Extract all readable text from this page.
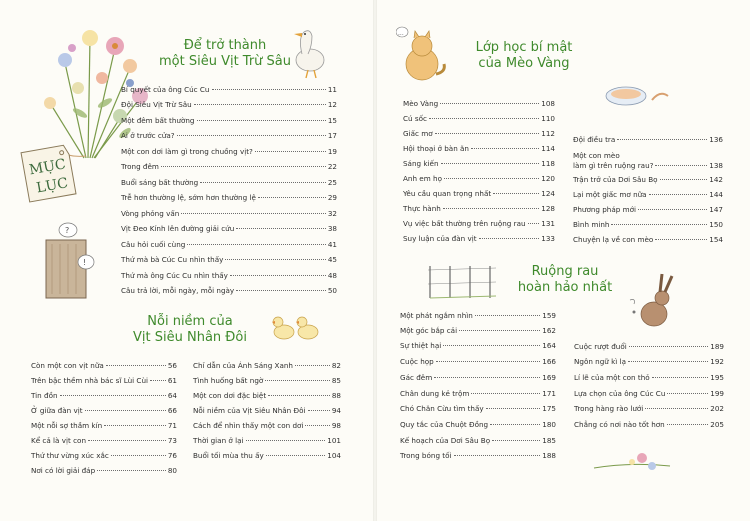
MỤC
LỤC
?
!
Để trở thành
một Siêu Vịt Trừ Sâu
Bí quyết của ông Cúc Cu	11
Đội Siêu Vịt Trừ Sâu	12
Một đêm bất thường	15
Ai ở trước cửa?	17
Một con dơi làm gì trong chuồng vịt?	19
Trong đêm	22
Buổi sáng bất thường	25
Trễ hơn thường lệ, sớm hơn thường lệ	29
Vòng phỏng vấn	32
Vịt Đeo Kính lên đường giải cứu	38
Câu hỏi cuối cùng	41
Thứ mà bà Cúc Cu nhìn thấy	45
Thứ mà ông Cúc Cu nhìn thấy	48
Câu trả lời, mỗi ngày, mỗi ngày	50
Nỗi niềm của
Vịt Siêu Nhân Đôi
Còn một con vịt nữa	56
Trên bậc thềm nhà bác sĩ Lùi Cùi	61
Tin đồn	64
Ở giữa đàn vịt	66
Một nỗi sợ thầm kín	71
Kể cả là vịt con	73
Thứ thư vừng xúc xắc	76
Nơi có lời giải đáp	80
Chỉ dẫn của Ánh Sáng Xanh	82
Tình huống bất ngờ	85
Một con dơi đặc biệt	88
Nỗi niềm của Vịt Siêu Nhân Đôi	94
Cách để nhìn thấy một con dơi	98
Thời gian ở lại	101
Buổi tối mùa thu ấy	104
...
Lớp học bí mật
của Mèo Vàng
Mèo Vàng	108
Cú sốc	110
Giấc mơ	112
Hội thoại ở bàn ăn	114
Sáng kiến	118
Anh em họ	120
Yêu cầu quan trọng nhất	124
Thực hành	128
Vụ việc bất thường trên ruộng rau 131
Suy luận của đàn vịt	133
Đội điều tra	136
Một con mèo
làm gì trên ruộng rau?	138
Trận trở của Dơi Sâu Bọ	142
Lại một giấc mơ nữa	144
Phương pháp mới	147
Bình minh	150
Chuyện lạ về con mèo	154
Ruộng rau
hoàn hảo nhất
Một phát ngắm nhìn	159
Một góc bắp cải	162
Sự thiệt hại	164
Cuộc họp	166
Gác đêm	169
Chân dung kẻ trộm	171
Chó Chăn Cừu tìm thấy	175
Quy tắc của Chuột Đồng	180
Kế hoạch của Dơi Sâu Bọ	185
Trong bóng tối	188
Cuộc rượt đuổi	189
Ngôn ngữ kì lạ	192
Lí lẽ của một con thỏ	195
Lựa chọn của ông Cúc Cu	199
Trong hàng rào lưới	202
Chẳng có nơi nào tốt hơn	205
